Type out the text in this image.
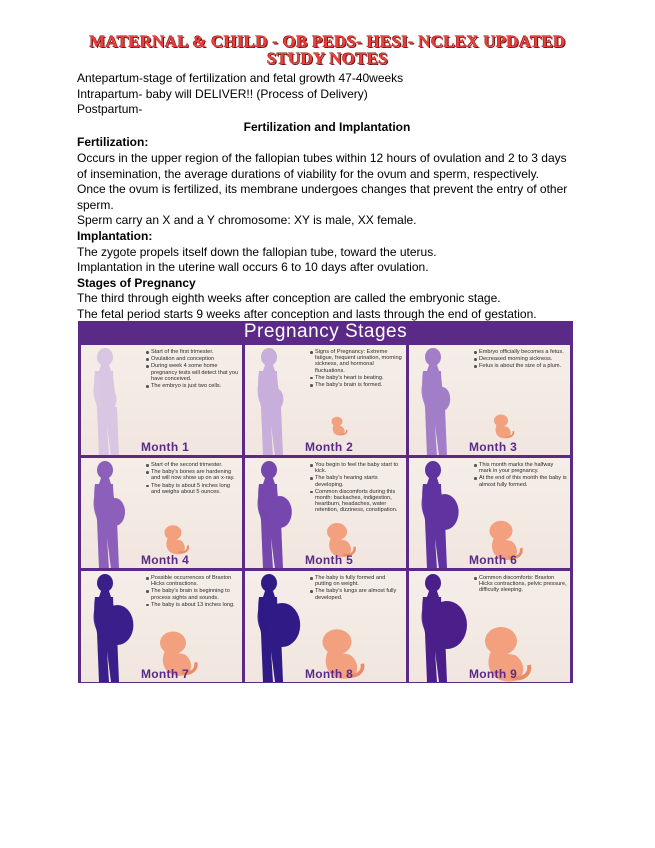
MATERNAL & CHILD - OB PEDS- HESI- NCLEX UPDATED
STUDY NOTES

Antepartum-stage of fertilization and fetal growth 47-40weeks

Intrapartum- baby will DELIVER!! (Process of Delivery)

Postpartum-

Fertilization and Implantation

Fertilization:

Occurs in the upper region of the fallopian tubes within 12 hours of ovulation and 2 to 3 days of insemination, the average durations of viability for the ovum and sperm, respectively.

Once the ovum is fertilized, its membrane undergoes changes that prevent the entry of other sperm.

Sperm carry an X and a Y chromosome: XY is male, XX female.

Implantation:

The zygote propels itself down the fallopian tube, toward the uterus.

Implantation in the uterine wall occurs 6 to 10 days after ovulation.

Stages of Pregnancy

The third through eighth weeks after conception are called the embryonic stage.

The fetal period starts 9 weeks after conception and lasts through the end of gestation.

Pregnancy Stages
Start of the first trimester.
Ovulation and conception
During week 4 some home pregnancy tests will detect that you have conceived.
The embryo is just two cells.
Month 1
Signs of Pregnancy: Extreme fatigue, frequent urination, morning sickness, and hormonal fluctuations.
The baby's heart is beating.
The baby's brain is formed.
Month 2
Embryo officially becomes a fetus.
Decreased morning sickness.
Fetus is about the size of a plum.
Month 3
Start of the second trimester.
The baby's bones are hardening and will now show up on an x-ray.
The baby is about 5 inches long and weighs about 5 ounces.
Month 4
You begin to feel the baby start to kick.
The baby's hearing starts developing.
Common discomforts during this month: backaches, indigestion, heartburn, headaches, water retention, dizziness, constipation.
Month 5
This month marks the halfway mark in your pregnancy.
At the end of this month the baby is almost fully formed.
Month 6
Possible occurrences of Braxton Hicks contractions.
The baby's brain is beginning to process sights and sounds.
The baby is about 13 inches long.
Month 7
The baby is fully formed and putting on weight.
The baby's lungs are almost fully developed.
Month 8
Common discomforts: Braxton Hicks contractions, pelvic pressure, difficulty sleeping.
Month 9
